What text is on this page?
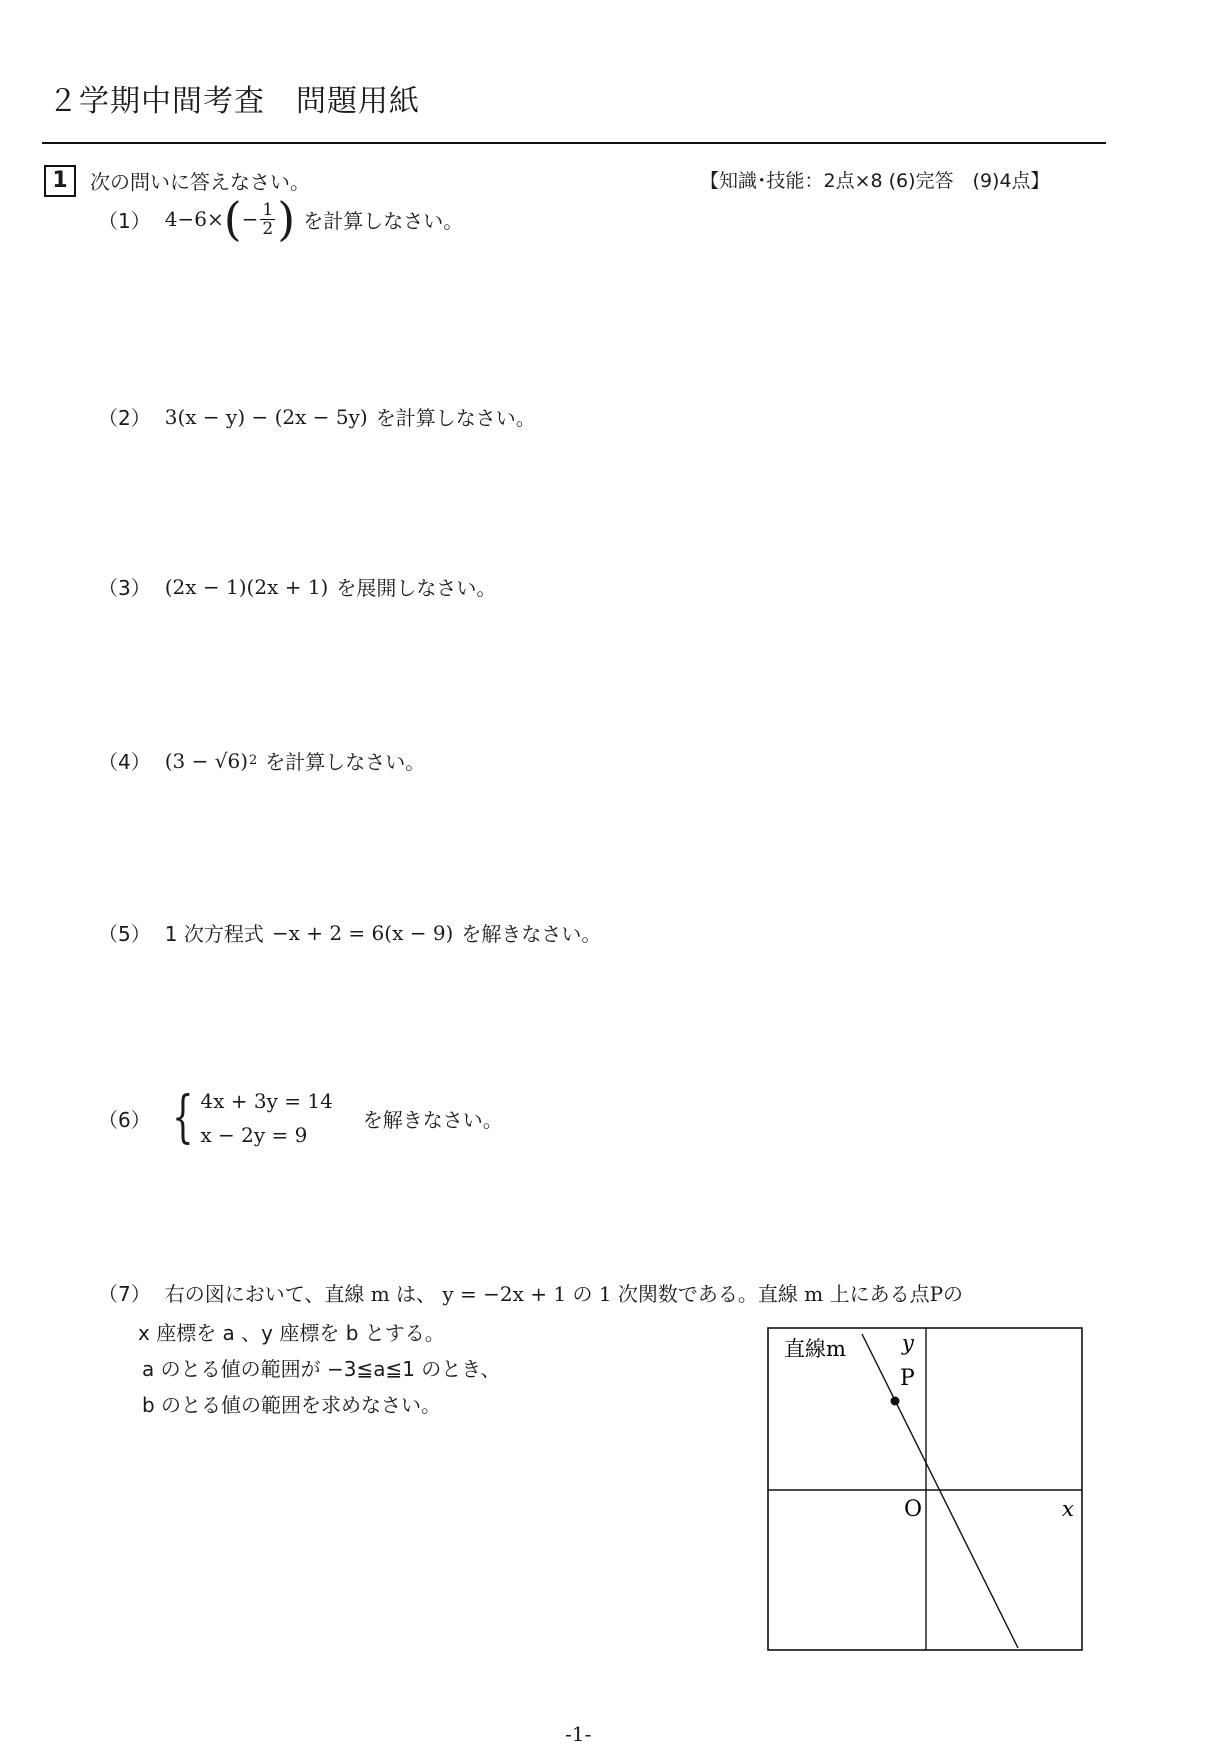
２学期中間考査　問題用紙
1	次の問いに答えなさい。	【知識･技能：2点×8 (6)完答　(9)4点】
（1） 4−6× ( − $\frac{1}{2}$ ) を計算しなさい。
（2） 3(x − y) − (2x − 5y) を計算しなさい。
（3） (2x − 1)(2x + 1) を展開しなさい。
（4） (3 − √6) 2 を計算しなさい。
（5） 1 次方程式 −x + 2 = 6(x − 9) を解きなさい。
（6） { 4x + 3y = 14
x − 2y = 9
を解きなさい。
（7） 右の図において、直線 m は、 y = −2x + 1 の 1 次関数である。直線 m 上にある点Pの
x 座標を a 、y 座標を b とする。
a のとる値の範囲が −3≦a≦1 のとき、
b のとる値の範囲を求めなさい。
直線m	y
x
O
P
-1-
